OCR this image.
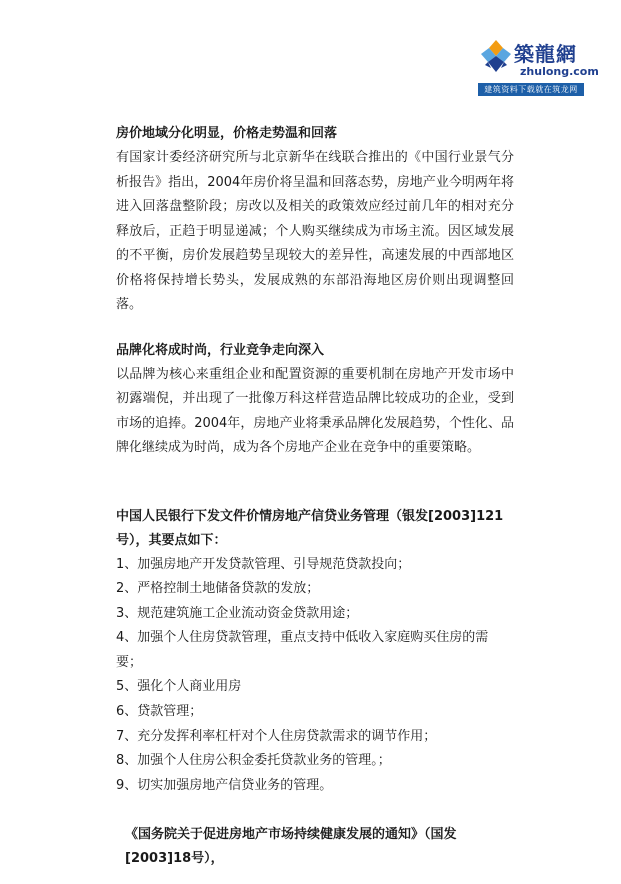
築龍網
zhulong.com
建筑资料下载就在筑龙网

房价地域分化明显，价格走势温和回落

有国家计委经济研究所与北京新华在线联合推出的《中国行业景气分析报告》指出，2004年房价将呈温和回落态势，房地产业今明两年将进入回落盘整阶段；房改以及相关的政策效应经过前几年的相对充分释放后，正趋于明显递减；个人购买继续成为市场主流。因区域发展的不平衡，房价发展趋势呈现较大的差异性，高速发展的中西部地区价格将保持增长势头，发展成熟的东部沿海地区房价则出现调整回落。

品牌化将成时尚，行业竞争走向深入

以品牌为核心来重组企业和配置资源的重要机制在房地产开发市场中初露端倪，并出现了一批像万科这样营造品牌比较成功的企业，受到市场的追捧。2004年，房地产业将秉承品牌化发展趋势，个性化、品牌化继续成为时尚，成为各个房地产企业在竞争中的重要策略。

中国人民银行下发文件价情房地产信贷业务管理（银发[2003]121号），其要点如下：

1、加强房地产开发贷款管理、引导规范贷款投向；
2、严格控制土地储备贷款的发放；
3、规范建筑施工企业流动资金贷款用途；
4、加强个人住房贷款管理，重点支持中低收入家庭购买住房的需要；
5、强化个人商业用房
6、贷款管理；
7、充分发挥利率杠杆对个人住房贷款需求的调节作用；
8、加强个人住房公积金委托贷款业务的管理。；
9、切实加强房地产信贷业务的管理。

《国务院关于促进房地产市场持续健康发展的通知》（国发[2003]18号），
